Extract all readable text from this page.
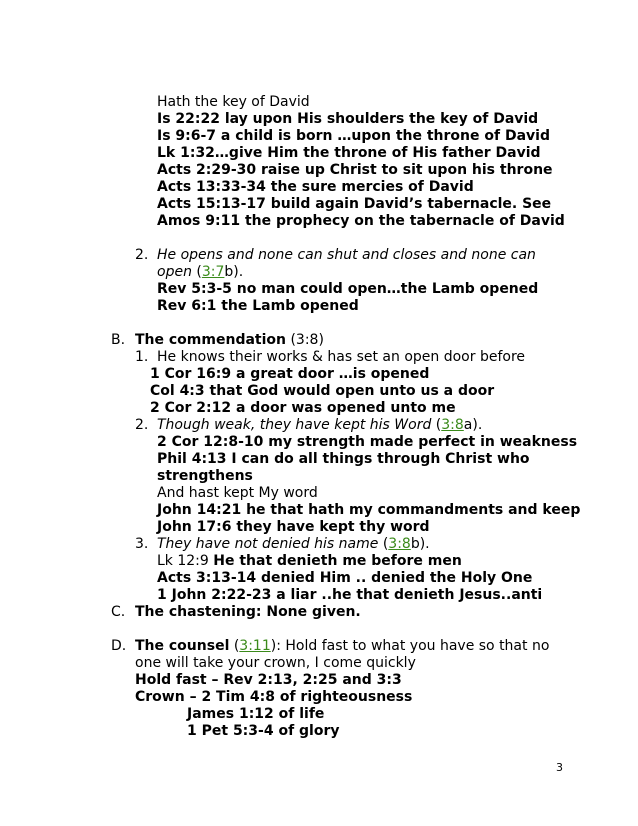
Hath the key of David
Is 22:22 lay upon His shoulders the key of David
Is 9:6-7 a child is born …upon the throne of David
Lk 1:32…give Him the throne of His father David
Acts 2:29-30 raise up Christ to sit upon his throne
Acts 13:33-34 the sure mercies of David
Acts 15:13-17 build again David’s tabernacle. See
Amos 9:11 the prophecy on the tabernacle of David
2. He opens and none can shut and closes and none can
open (3:7b).
Rev 5:3-5 no man could open…the Lamb opened
Rev 6:1 the Lamb opened
B. The commendation (3:8)
1. He knows their works & has set an open door before
1 Cor 16:9 a great door …is opened
Col 4:3 that God would open unto us a door
2 Cor 2:12 a door was opened unto me
2. Though weak, they have kept his Word (3:8a).
2 Cor 12:8-10 my strength made perfect in weakness
Phil 4:13 I can do all things through Christ who
strengthens
And hast kept My word
John 14:21 he that hath my commandments and keep
John 17:6 they have kept thy word
3. They have not denied his name (3:8b).
Lk 12:9 He that denieth me before men
Acts 3:13-14 denied Him .. denied the Holy One
1 John 2:22-23 a liar ..he that denieth Jesus..anti
C. The chastening: None given.
D. The counsel (3:11): Hold fast to what you have so that no
one will take your crown, I come quickly
Hold fast – Rev 2:13, 2:25 and 3:3
Crown – 2 Tim 4:8 of righteousness
James 1:12 of life
1 Pet 5:3-4 of glory
3
